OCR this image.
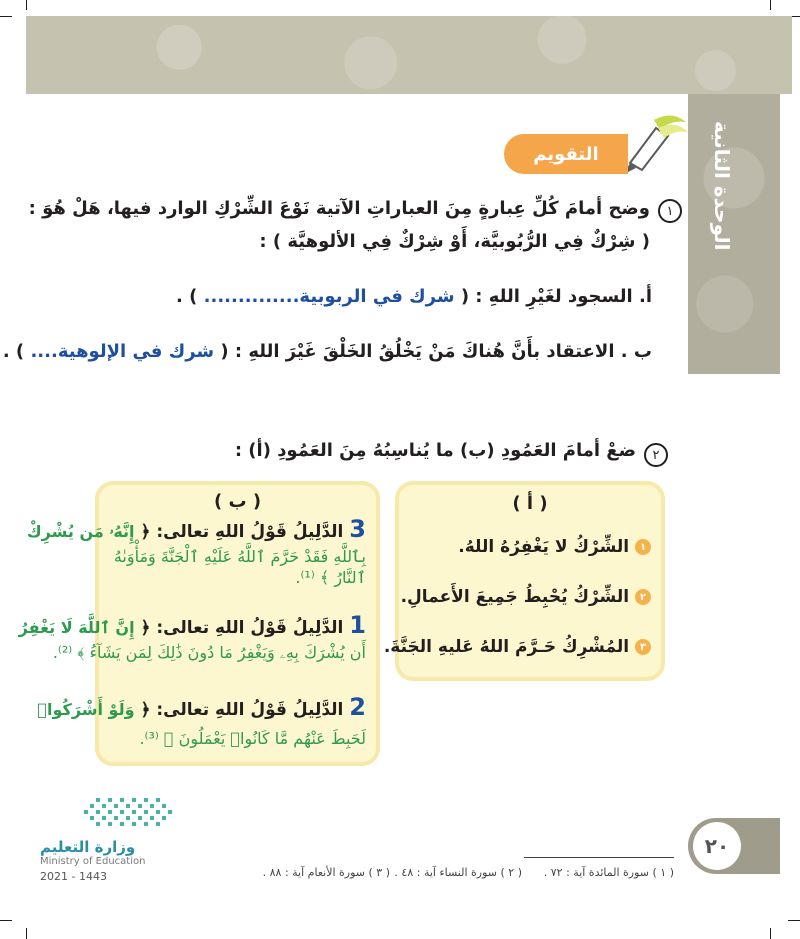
الوحدة الثانية
التقويم
١
وضح أمامَ كُلِّ عِبارةٍ مِنَ العباراتِ الآتية نَوْعَ الشِّرْكِ الوارد فيها، هَلْ هُوَ :
( شِرْكٌ فِي الرُّبُوبيَّة، أَوْ شِرْكٌ فِي الألوهيَّة ) :
أ. السجود لغَيْرِ اللهِ : ( شرك في الربوبية.............. ) .
ب . الاعتقاد بأَنَّ هُناكَ مَنْ يَخْلُقُ الخَلْقَ غَيْرَ اللهِ : ( شرك في الإلوهية.... ) .
٢
ضعْ أمامَ العَمُودِ (ب) ما يُناسِبُهُ مِنَ العَمُودِ (أ) :
( ب )
3 الدَّلِيلُ قَوْلُ اللهِ تعالى: ﴿ إِنَّهُۥ مَن يُشْرِكْ
بِٱللَّهِ فَقَدْ حَرَّمَ ٱللَّهُ عَلَيْهِ ٱلْجَنَّةَ وَمَأْوَىٰهُ
ٱلنَّارُ ﴾ ⁽¹⁾.
1 الدَّلِيلُ قَوْلُ اللهِ تعالى: ﴿ إِنَّ ٱللَّهَ لَا يَغْفِرُ
أَن يُشْرَكَ بِهِۦ وَيَغْفِرُ مَا دُونَ ذَٰلِكَ لِمَن يَشَآءُ ﴾ ⁽²⁾.
2 الدَّلِيلُ قَوْلُ اللهِ تعالى: ﴿ وَلَوْ أَشْرَكُوا۟
لَحَبِطَ عَنْهُم مَّا كَانُوا۟ يَعْمَلُونَ ﴾ ⁽³⁾.
( أ )
١ الشِّرْكُ لا يَغْفِرُهُ اللهُ.
٢ الشِّرْكُ يُحْبِطُ جَمِيعَ الأَعمالِ.
٣ المُشْرِكُ حَـرَّمَ اللهُ عَليهِ الجَنَّةَ.
وزارة التعليم
Ministry of Education
2021 - 1443	( ١ ) سورة المائدة آية : ٧٢ .
( ٢ ) سورة النساء آية : ٤٨ .
( ٣ ) سورة الأنعام آية : ٨٨ .
٢٠
